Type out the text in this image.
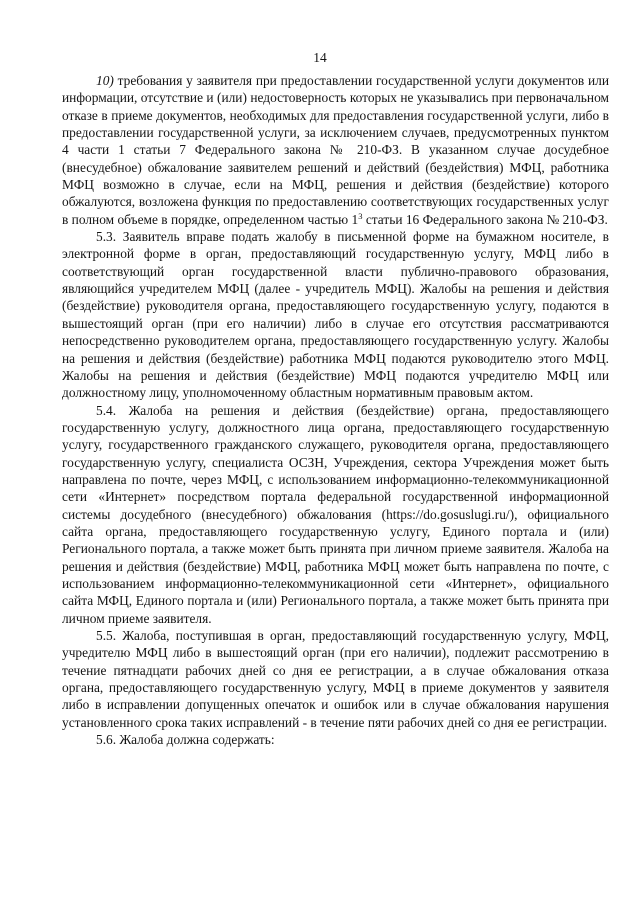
14

10) требования у заявителя при предоставлении государственной услуги документов или информации, отсутствие и (или) недостоверность которых не указывались при первоначальном отказе в приеме документов, необходимых для предоставления государственной услуги, либо в предоставлении государственной услуги, за исключением случаев, предусмотренных пунктом 4 части 1 статьи 7 Федерального закона № 210-ФЗ. В указанном случае досудебное (внесудебное) обжалование заявителем решений и действий (бездействия) МФЦ, работника МФЦ возможно в случае, если на МФЦ, решения и действия (бездействие) которого обжалуются, возложена функция по предоставлению соответствующих государственных услуг в полном объеме в порядке, определенном частью $1^3$ статьи 16 Федерального закона № 210-ФЗ.

5.3. Заявитель вправе подать жалобу в письменной форме на бумажном носителе, в электронной форме в орган, предоставляющий государственную услугу, МФЦ либо в соответствующий орган государственной власти публично-правового образования, являющийся учредителем МФЦ (далее - учредитель МФЦ). Жалобы на решения и действия (бездействие) руководителя органа, предоставляющего государственную услугу, подаются в вышестоящий орган (при его наличии) либо в случае его отсутствия рассматриваются непосредственно руководителем органа, предоставляющего государственную услугу. Жалобы на решения и действия (бездействие) работника МФЦ подаются руководителю этого МФЦ. Жалобы на решения и действия (бездействие) МФЦ подаются учредителю МФЦ или должностному лицу, уполномоченному областным нормативным правовым актом.

5.4. Жалоба на решения и действия (бездействие) органа, предоставляющего государственную услугу, должностного лица органа, предоставляющего государственную услугу, государственного гражданского служащего, руководителя органа, предоставляющего государственную услугу, специалиста ОСЗН, Учреждения, сектора Учреждения может быть направлена по почте, через МФЦ, с использованием информационно-телекоммуникационной сети «Интернет» посредством портала федеральной государственной информационной системы досудебного (внесудебного) обжалования (https://do.gosuslugi.ru/), официального сайта органа, предоставляющего государственную услугу, Единого портала и (или) Регионального портала, а также может быть принята при личном приеме заявителя. Жалоба на решения и действия (бездействие) МФЦ, работника МФЦ может быть направлена по почте, с использованием информационно-телекоммуникационной сети «Интернет», официального сайта МФЦ, Единого портала и (или) Регионального портала, а также может быть принята при личном приеме заявителя.

5.5. Жалоба, поступившая в орган, предоставляющий государственную услугу, МФЦ, учредителю МФЦ либо в вышестоящий орган (при его наличии), подлежит рассмотрению в течение пятнадцати рабочих дней со дня ее регистрации, а в случае обжалования отказа органа, предоставляющего государственную услугу, МФЦ в приеме документов у заявителя либо в исправлении допущенных опечаток и ошибок или в случае обжалования нарушения установленного срока таких исправлений - в течение пяти рабочих дней со дня ее регистрации.

5.6. Жалоба должна содержать:
